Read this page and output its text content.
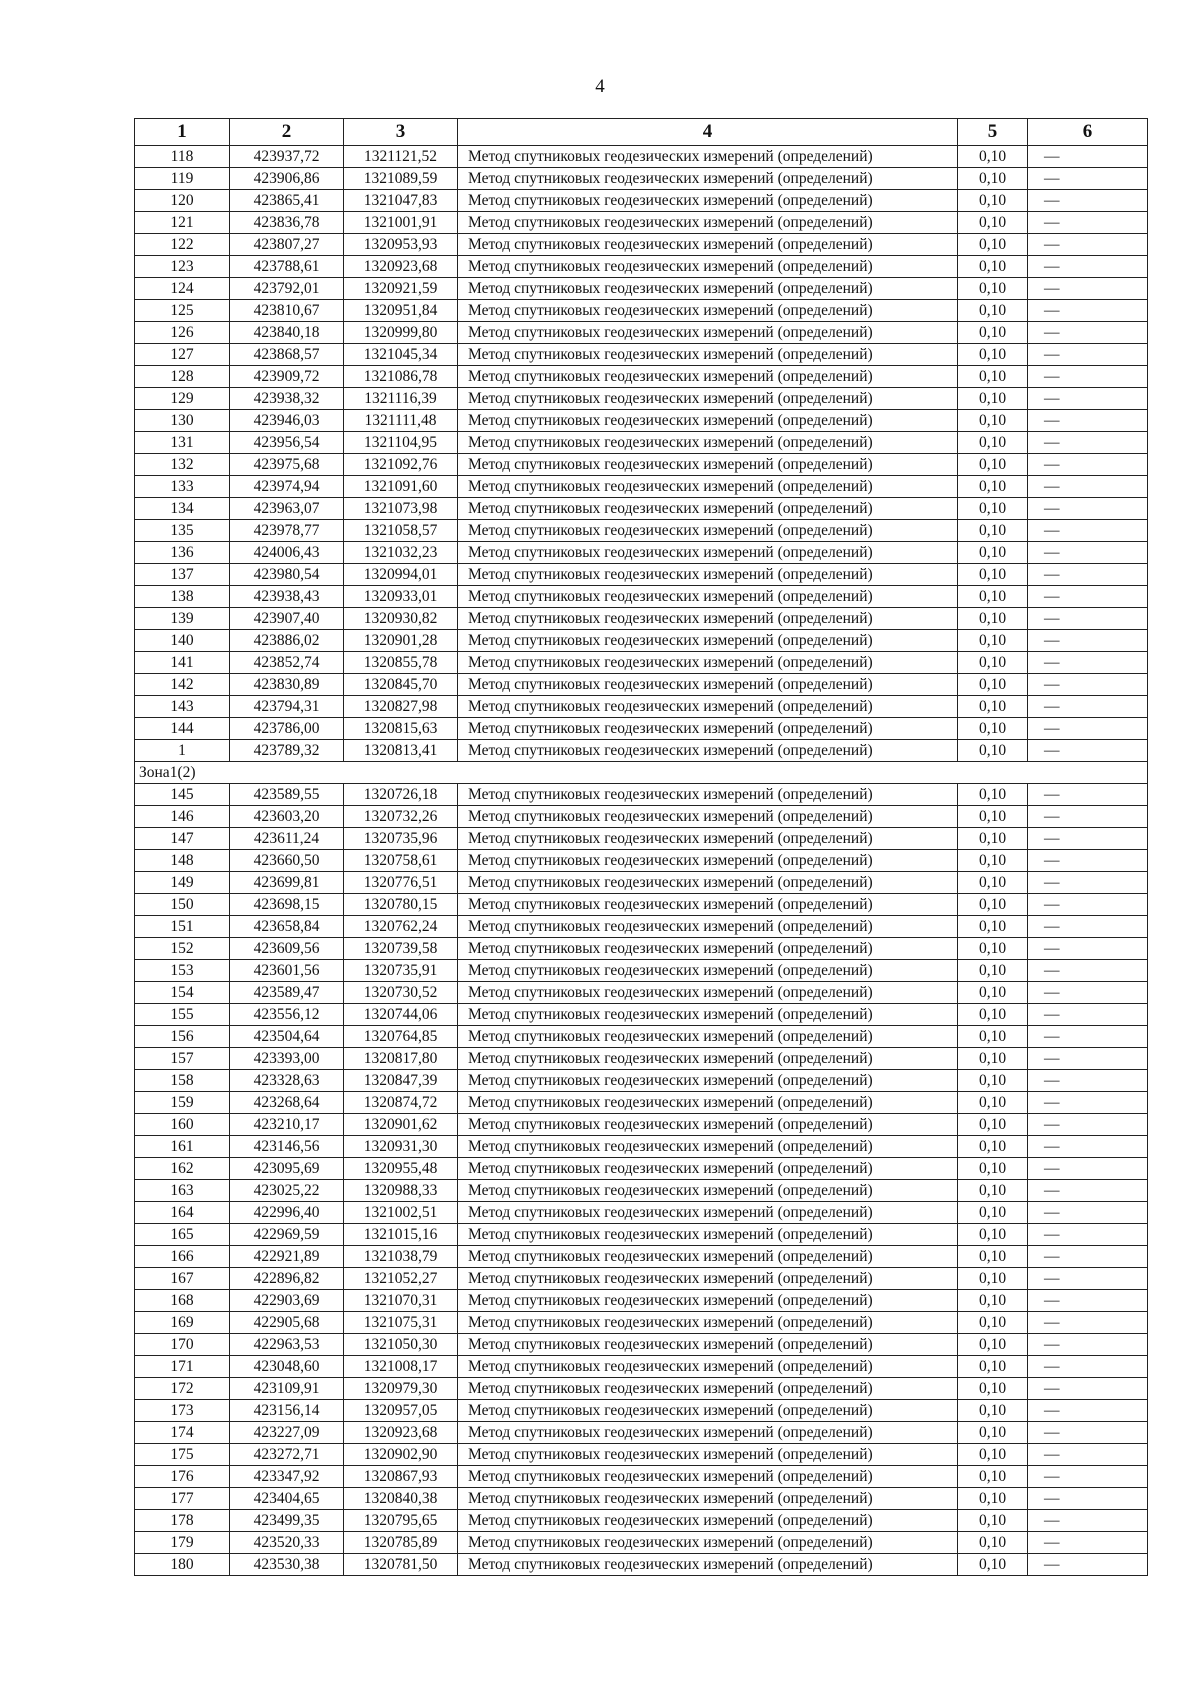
4
1	2	3	4	5	6
118	423937,72	1321121,52	Метод спутниковых геодезических измерений (определений)	0,10	—
119	423906,86	1321089,59	Метод спутниковых геодезических измерений (определений)	0,10	—
120	423865,41	1321047,83	Метод спутниковых геодезических измерений (определений)	0,10	—
121	423836,78	1321001,91	Метод спутниковых геодезических измерений (определений)	0,10	—
122	423807,27	1320953,93	Метод спутниковых геодезических измерений (определений)	0,10	—
123	423788,61	1320923,68	Метод спутниковых геодезических измерений (определений)	0,10	—
124	423792,01	1320921,59	Метод спутниковых геодезических измерений (определений)	0,10	—
125	423810,67	1320951,84	Метод спутниковых геодезических измерений (определений)	0,10	—
126	423840,18	1320999,80	Метод спутниковых геодезических измерений (определений)	0,10	—
127	423868,57	1321045,34	Метод спутниковых геодезических измерений (определений)	0,10	—
128	423909,72	1321086,78	Метод спутниковых геодезических измерений (определений)	0,10	—
129	423938,32	1321116,39	Метод спутниковых геодезических измерений (определений)	0,10	—
130	423946,03	1321111,48	Метод спутниковых геодезических измерений (определений)	0,10	—
131	423956,54	1321104,95	Метод спутниковых геодезических измерений (определений)	0,10	—
132	423975,68	1321092,76	Метод спутниковых геодезических измерений (определений)	0,10	—
133	423974,94	1321091,60	Метод спутниковых геодезических измерений (определений)	0,10	—
134	423963,07	1321073,98	Метод спутниковых геодезических измерений (определений)	0,10	—
135	423978,77	1321058,57	Метод спутниковых геодезических измерений (определений)	0,10	—
136	424006,43	1321032,23	Метод спутниковых геодезических измерений (определений)	0,10	—
137	423980,54	1320994,01	Метод спутниковых геодезических измерений (определений)	0,10	—
138	423938,43	1320933,01	Метод спутниковых геодезических измерений (определений)	0,10	—
139	423907,40	1320930,82	Метод спутниковых геодезических измерений (определений)	0,10	—
140	423886,02	1320901,28	Метод спутниковых геодезических измерений (определений)	0,10	—
141	423852,74	1320855,78	Метод спутниковых геодезических измерений (определений)	0,10	—
142	423830,89	1320845,70	Метод спутниковых геодезических измерений (определений)	0,10	—
143	423794,31	1320827,98	Метод спутниковых геодезических измерений (определений)	0,10	—
144	423786,00	1320815,63	Метод спутниковых геодезических измерений (определений)	0,10	—
1	423789,32	1320813,41	Метод спутниковых геодезических измерений (определений)	0,10	—
Зона1(2)					
145	423589,55	1320726,18	Метод спутниковых геодезических измерений (определений)	0,10	—
146	423603,20	1320732,26	Метод спутниковых геодезических измерений (определений)	0,10	—
147	423611,24	1320735,96	Метод спутниковых геодезических измерений (определений)	0,10	—
148	423660,50	1320758,61	Метод спутниковых геодезических измерений (определений)	0,10	—
149	423699,81	1320776,51	Метод спутниковых геодезических измерений (определений)	0,10	—
150	423698,15	1320780,15	Метод спутниковых геодезических измерений (определений)	0,10	—
151	423658,84	1320762,24	Метод спутниковых геодезических измерений (определений)	0,10	—
152	423609,56	1320739,58	Метод спутниковых геодезических измерений (определений)	0,10	—
153	423601,56	1320735,91	Метод спутниковых геодезических измерений (определений)	0,10	—
154	423589,47	1320730,52	Метод спутниковых геодезических измерений (определений)	0,10	—
155	423556,12	1320744,06	Метод спутниковых геодезических измерений (определений)	0,10	—
156	423504,64	1320764,85	Метод спутниковых геодезических измерений (определений)	0,10	—
157	423393,00	1320817,80	Метод спутниковых геодезических измерений (определений)	0,10	—
158	423328,63	1320847,39	Метод спутниковых геодезических измерений (определений)	0,10	—
159	423268,64	1320874,72	Метод спутниковых геодезических измерений (определений)	0,10	—
160	423210,17	1320901,62	Метод спутниковых геодезических измерений (определений)	0,10	—
161	423146,56	1320931,30	Метод спутниковых геодезических измерений (определений)	0,10	—
162	423095,69	1320955,48	Метод спутниковых геодезических измерений (определений)	0,10	—
163	423025,22	1320988,33	Метод спутниковых геодезических измерений (определений)	0,10	—
164	422996,40	1321002,51	Метод спутниковых геодезических измерений (определений)	0,10	—
165	422969,59	1321015,16	Метод спутниковых геодезических измерений (определений)	0,10	—
166	422921,89	1321038,79	Метод спутниковых геодезических измерений (определений)	0,10	—
167	422896,82	1321052,27	Метод спутниковых геодезических измерений (определений)	0,10	—
168	422903,69	1321070,31	Метод спутниковых геодезических измерений (определений)	0,10	—
169	422905,68	1321075,31	Метод спутниковых геодезических измерений (определений)	0,10	—
170	422963,53	1321050,30	Метод спутниковых геодезических измерений (определений)	0,10	—
171	423048,60	1321008,17	Метод спутниковых геодезических измерений (определений)	0,10	—
172	423109,91	1320979,30	Метод спутниковых геодезических измерений (определений)	0,10	—
173	423156,14	1320957,05	Метод спутниковых геодезических измерений (определений)	0,10	—
174	423227,09	1320923,68	Метод спутниковых геодезических измерений (определений)	0,10	—
175	423272,71	1320902,90	Метод спутниковых геодезических измерений (определений)	0,10	—
176	423347,92	1320867,93	Метод спутниковых геодезических измерений (определений)	0,10	—
177	423404,65	1320840,38	Метод спутниковых геодезических измерений (определений)	0,10	—
178	423499,35	1320795,65	Метод спутниковых геодезических измерений (определений)	0,10	—
179	423520,33	1320785,89	Метод спутниковых геодезических измерений (определений)	0,10	—
180	423530,38	1320781,50	Метод спутниковых геодезических измерений (определений)	0,10	—
